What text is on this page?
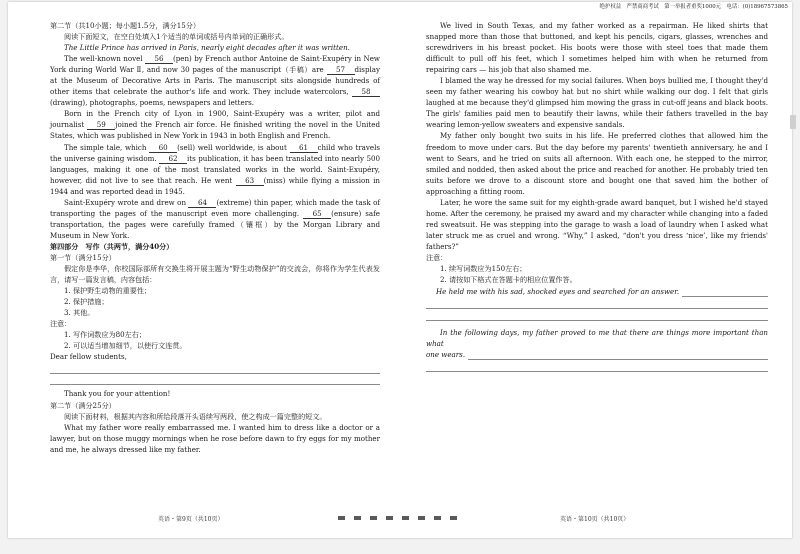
绝护权益　严禁商商考试　第一举报者重奖1000元　电话：(0)18967573865

第二节（共10小题；每小题1.5分，满分15分）

阅读下面短文，在空白处填入1个适当的单词或括号内单词的正确形式。

The Little Prince has arrived in Paris, nearly eight decades after it was written.

The well-known novel 56 (pen) by French author Antoine de Saint-Exupéry in New York during World War Ⅱ, and now 30 pages of the manuscript（手稿）are 57 display at the Museum of Decorative Arts in Paris. The manuscript sits alongside hundreds of other items that celebrate the author's life and work. They include watercolors, 58(drawing), photographs, poems, newspapers and letters.

Born in the French city of Lyon in 1900, Saint-Exupéry was a writer, pilot and journalist 59 joined the French air force. He finished writing the novel in the United States, which was published in New York in 1943 in both English and French.

The simple tale, which 60 (sell) well worldwide, is about 61 child who travels the universe gaining wisdom. 62 its publication, it has been translated into nearly 500 languages, making it one of the most translated works in the world. Saint-Exupéry, however, did not live to see that reach. He went 63 (miss) while flying a mission in 1944 and was reported dead in 1945.

Saint-Exupéry wrote and drew on 64 (extreme) thin paper, which made the task of transporting the pages of the manuscript even more challenging. 65 (ensure) safe transportation, the pages were carefully framed（镶框）by the Morgan Library and Museum in New York.

第四部分　写作（共两节，满分40分）

第一节（满分15分）

假定你是李华，你校国际部所有交换生将开展主题为“野生动物保护”的交流会，你将作为学生代表发言，请写一篇发言稿，内容包括：

1. 保护野生动物的重要性；

2. 保护措施；

3. 其他。

注意：

1. 写作词数应为80左右；

2. 可以适当增加细节，以使行文连贯。

Dear fellow students,

Thank you for your attention!

第二节（满分25分）

阅读下面材料，根据其内容和所给段落开头语续写两段，使之构成一篇完整的短文。

What my father wore really embarrassed me. I wanted him to dress like a doctor or a lawyer, but on those muggy mornings when he rose before dawn to fry eggs for my mother and me, he always dressed like my father.

We lived in South Texas, and my father worked as a repairman. He liked shirts that snapped more than those that buttoned, and kept his pencils, cigars, glasses, wrenches and screwdrivers in his breast pocket. His boots were those with steel toes that made them difficult to pull off his feet, which I sometimes helped him with when he returned from repairing cars — his job that also shamed me.

I blamed the way he dressed for my social failures. When boys bullied me, I thought they'd seen my father wearing his cowboy hat but no shirt while walking our dog. I felt that girls laughed at me because they'd glimpsed him mowing the grass in cut-off jeans and black boots. The girls' families paid men to beautify their lawns, while their fathers travelled in the bay wearing lemon-yellow sweaters and expensive sandals.

My father only bought two suits in his life. He preferred clothes that allowed him the freedom to move under cars. But the day before my parents' twentieth anniversary, he and I went to Sears, and he tried on suits all afternoon. With each one, he stepped to the mirror, smiled and nodded, then asked about the price and reached for another. He probably tried ten suits before we drove to a discount store and bought one that saved him the bother of approaching a fitting room.

Later, he wore the same suit for my eighth-grade award banquet, but I wished he'd stayed home. After the ceremony, he praised my award and my character while changing into a faded red sweatsuit. He was stepping into the garage to wash a load of laundry when I asked what later struck me as cruel and wrong. “Why,” I asked, “don't you dress ‘nice’, like my friends' fathers?”

注意：

1. 续写词数应为150左右；

2. 请按如下格式在答题卡的相应位置作答。

He held me with his sad, shocked eyes and searched for an answer.

In the following days, my father proved to me that there are things more important than what

one wears.
英语・第9页（共10页）	英语・第10页（共10页）
